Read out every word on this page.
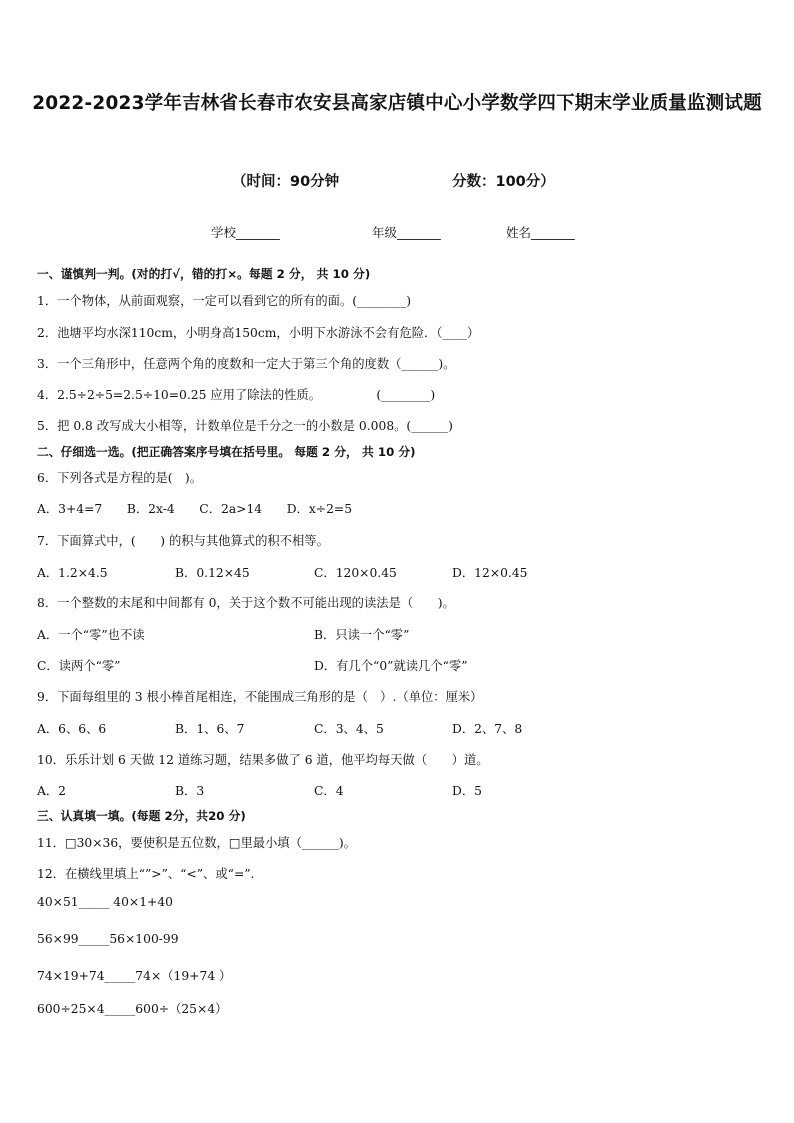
2022-2023学年吉林省长春市农安县高家店镇中心小学数学四下期末学业质量监测试题
（时间：90分钟	分数：100分）
学校_______	年级_______	姓名_______
一、谨慎判一判。(对的打√，错的打×。每题 2 分， 共 10 分)
1．一个物体，从前面观察，一定可以看到它的所有的面。(________)
2．池塘平均水深110cm，小明身高150cm，小明下水游泳不会有危险．（____）
3．一个三角形中，任意两个角的度数和一定大于第三个角的度数（______)。
4．2.5÷2÷5=2.5÷10=0.25 应用了除法的性质。　　　　　(________)
5．把 0.8 改写成大小相等，计数单位是千分之一的小数是 0.008。(______)
二、仔细选一选。(把正确答案序号填在括号里。 每题 2 分， 共 10 分)
6．下列各式是方程的是(　)。
A．3+4=7　　B．2x-4　　C．2a>14　　D．x÷2=5
7．下面算式中，(　　) 的积与其他算式的积不相等。
A．1.2×4.5	B．0.12×45	C．120×0.45	D．12×0.45
8．一个整数的末尾和中间都有 0，关于这个数不可能出现的读法是（　　)。
A．一个“零”也不读	B．只读一个“零”
C．读两个“零”	D．有几个“0”就读几个“零”
9．下面每组里的 3 根小棒首尾相连，不能围成三角形的是（　）.（单位：厘米）
A．6、6、6	B．1、6、7	C．3、4、5	D．2、7、8
10．乐乐计划 6 天做 12 道练习题，结果多做了 6 道，他平均每天做（　　）道。
A．2	B．3	C．4	D．5
三、认真填一填。(每题 2分，共20 分)
11．□30×36，要使积是五位数，□里最小填（______)。
12．在横线里填上“”>”、“<”、或“=”.
40×51_____ 40×1+40
56×99_____56×100-99
74×19+74_____74×（19+74 ）
600÷25×4_____600÷（25×4）
